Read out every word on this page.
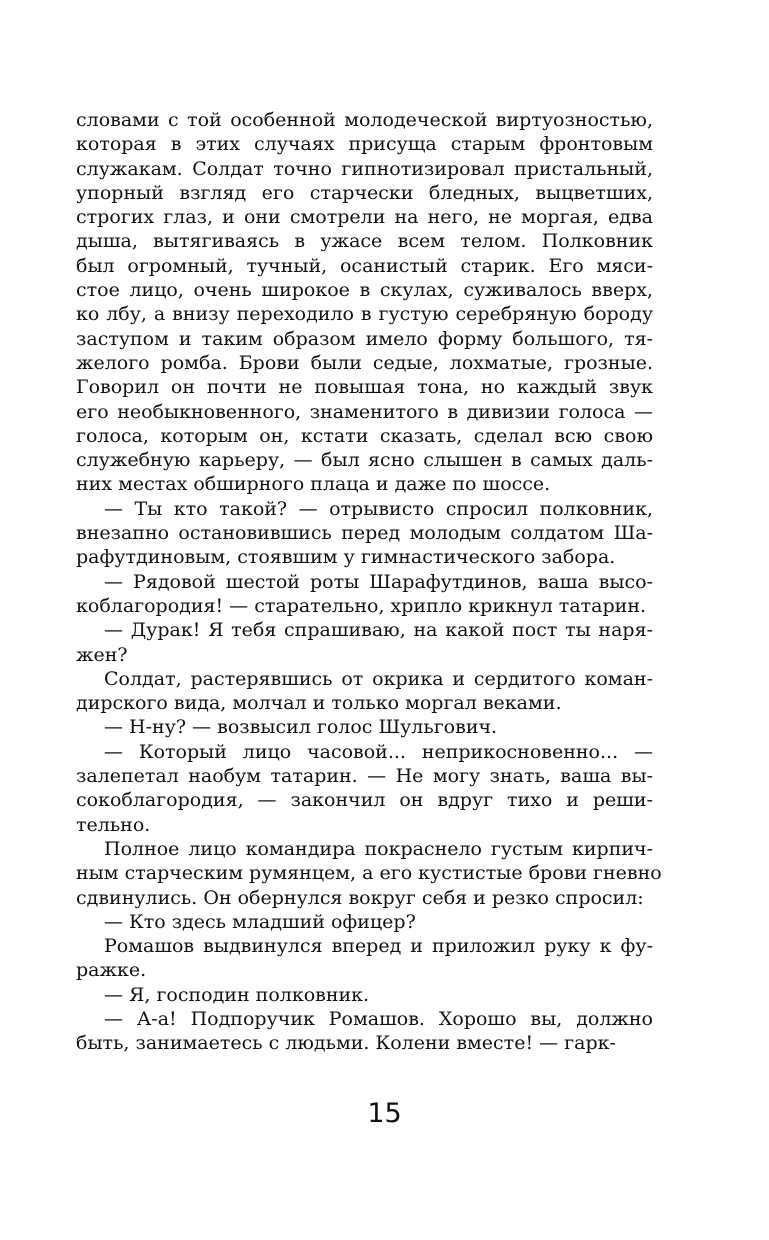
словами с той особенной молодеческой виртуозностью,
которая в этих случаях присуща старым фронтовым
служакам. Солдат точно гипнотизировал пристальный,
упорный взгляд его старчески бледных, выцветших,
строгих глаз, и они смотрели на него, не моргая, едва
дыша, вытягиваясь в ужасе всем телом. Полковник
был огромный, тучный, осанистый старик. Его мяси-
стое лицо, очень широкое в скулах, суживалось вверх,
ко лбу, а внизу переходило в густую серебряную бороду
заступом и таким образом имело форму большого, тя-
желого ромба. Брови были седые, лохматые, грозные.
Говорил он почти не повышая тона, но каждый звук
его необыкновенного, знаменитого в дивизии голоса —
голоса, которым он, кстати сказать, сделал всю свою
служебную карьеру, — был ясно слышен в самых даль-
них местах обширного плаца и даже по шоссе.
— Ты кто такой? — отрывисто спросил полковник,
внезапно остановившись перед молодым солдатом Ша-
рафутдиновым, стоявшим у гимнастического забора.
— Рядовой шестой роты Шарафутдинов, ваша высо-
коблагородия! — старательно, хрипло крикнул татарин.
— Дурак! Я тебя спрашиваю, на какой пост ты наря-
жен?
Солдат, растерявшись от окрика и сердитого коман-
дирского вида, молчал и только моргал веками.
— Н-ну? — возвысил голос Шульгович.
— Который лицо часовой... неприкосновенно... —
залепетал наобум татарин. — Не могу знать, ваша вы-
сокоблагородия, — закончил он вдруг тихо и реши-
тельно.
Полное лицо командира покраснело густым кирпич-
ным старческим румянцем, а его кустистые брови гневно
сдвинулись. Он обернулся вокруг себя и резко спросил:
— Кто здесь младший офицер?
Ромашов выдвинулся вперед и приложил руку к фу-
ражке.
— Я, господин полковник.
— А-а! Подпоручик Ромашов. Хорошо вы, должно
быть, занимаетесь с людьми. Колени вместе! — гарк-
15
